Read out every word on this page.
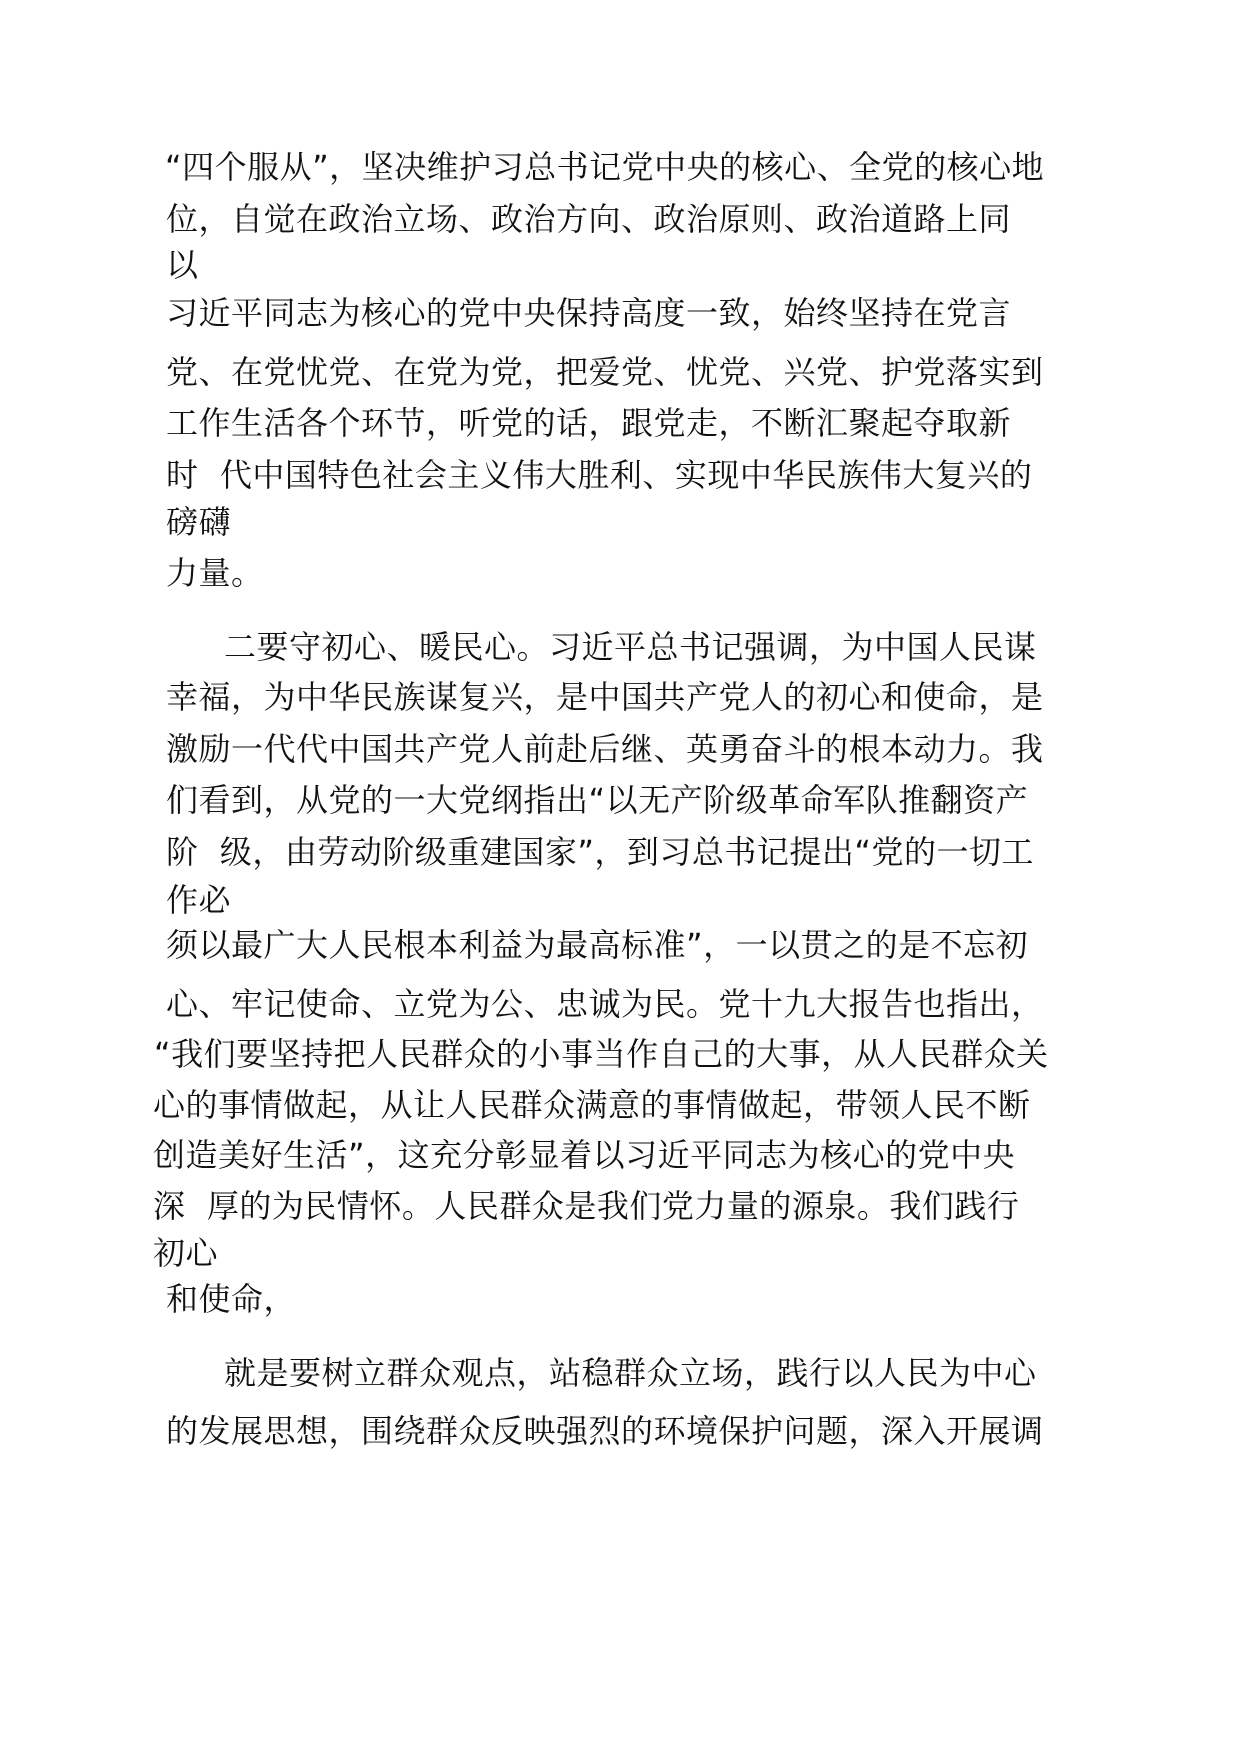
“四个服从”，坚决维护习总书记党中央的核心、全党的核心地
位，自觉在政治立场、政治方向、政治原则、政治道路上同
以
习近平同志为核心的党中央保持高度一致，始终坚持在党言
党、在党忧党、在党为党，把爱党、忧党、兴党、护党落实到
工作生活各个环节，听党的话，跟党走，不断汇聚起夺取新
时  代中国特色社会主义伟大胜利、实现中华民族伟大复兴的
磅礴
力量。
二要守初心、暖民心。习近平总书记强调，为中国人民谋
幸福，为中华民族谋复兴，是中国共产党人的初心和使命，是
激励一代代中国共产党人前赴后继、英勇奋斗的根本动力。我
们看到，从党的一大党纲指出“以无产阶级革命军队推翻资产
阶  级，由劳动阶级重建国家”，到习总书记提出“党的一切工
作必
须以最广大人民根本利益为最高标准”，一以贯之的是不忘初
心、牢记使命、立党为公、忠诚为民。党十九大报告也指出，
“我们要坚持把人民群众的小事当作自己的大事，从人民群众关
心的事情做起，从让人民群众满意的事情做起，带领人民不断
创造美好生活”，这充分彰显着以习近平同志为核心的党中央
深  厚的为民情怀。人民群众是我们党力量的源泉。我们践行
初心
和使命，
就是要树立群众观点，站稳群众立场，践行以人民为中心
的发展思想，围绕群众反映强烈的环境保护问题，深入开展调
